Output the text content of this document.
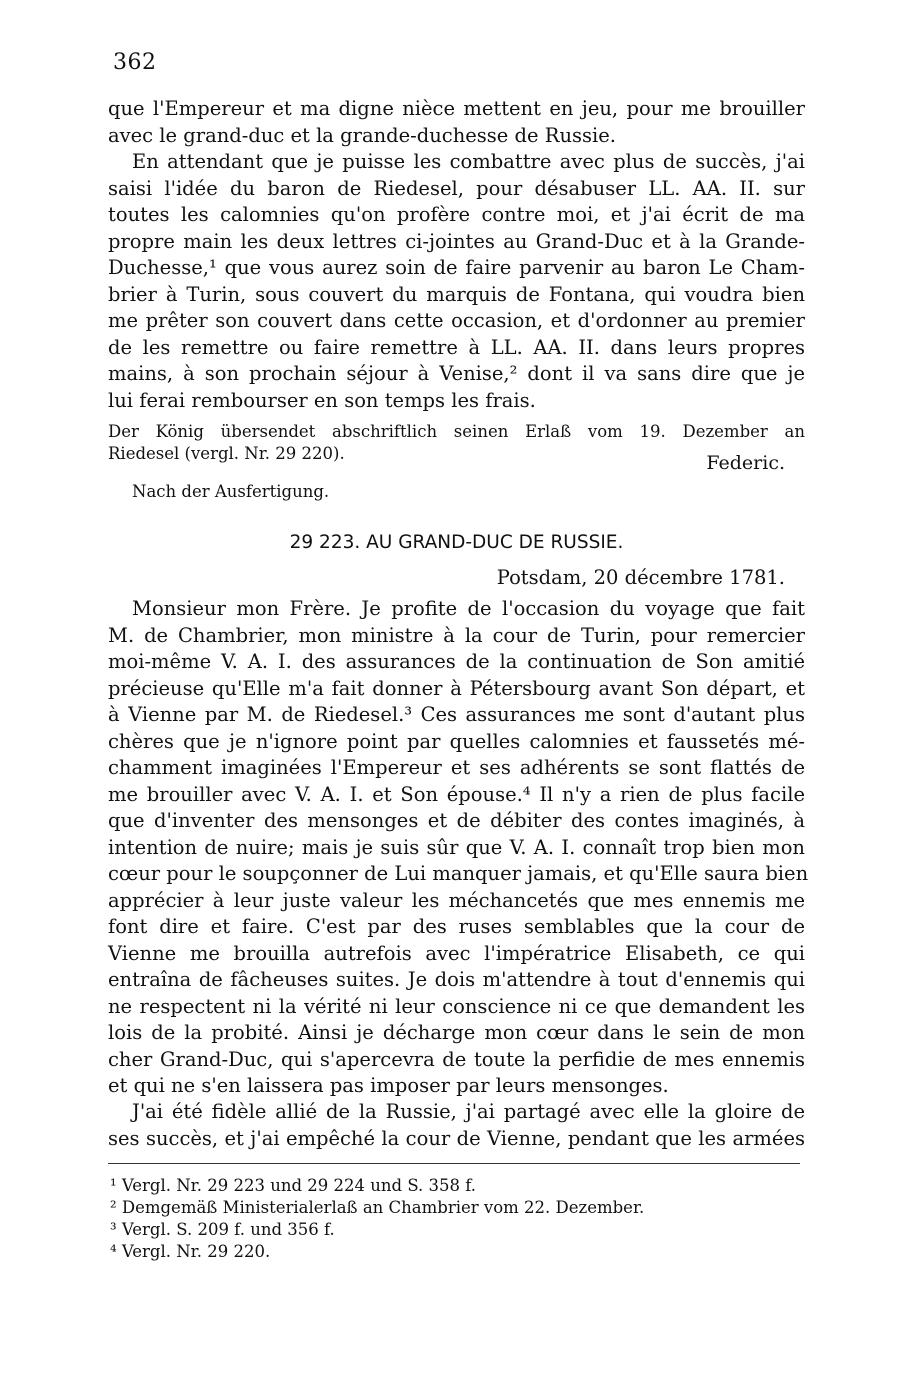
362
que l'Empereur et ma digne nièce mettent en jeu, pour me brouiller
avec le grand-duc et la grande-duchesse de Russie.
En attendant que je puisse les combattre avec plus de succès, j'ai
saisi l'idée du baron de Riedesel, pour désabuser LL. AA. II. sur
toutes les calomnies qu'on profère contre moi, et j'ai écrit de ma
propre main les deux lettres ci-jointes au Grand-Duc et à la Grande-
Duchesse,¹ que vous aurez soin de faire parvenir au baron Le Cham-
brier à Turin, sous couvert du marquis de Fontana, qui voudra bien
me prêter son couvert dans cette occasion, et d'ordonner au premier
de les remettre ou faire remettre à LL. AA. II. dans leurs propres
mains, à son prochain séjour à Venise,² dont il va sans dire que je
lui ferai rembourser en son temps les frais.
Der König übersendet abschriftlich seinen Erlaß vom 19. Dezember an
Riedesel (vergl. Nr. 29 220).	Federic.
Nach der Ausfertigung.
29 223. AU GRAND-DUC DE RUSSIE.
Potsdam, 20 décembre 1781.
Monsieur mon Frère. Je profite de l'occasion du voyage que fait
M. de Chambrier, mon ministre à la cour de Turin, pour remercier
moi-même V. A. I. des assurances de la continuation de Son amitié
précieuse qu'Elle m'a fait donner à Pétersbourg avant Son départ, et
à Vienne par M. de Riedesel.³ Ces assurances me sont d'autant plus
chères que je n'ignore point par quelles calomnies et faussetés mé-
chamment imaginées l'Empereur et ses adhérents se sont flattés de
me brouiller avec V. A. I. et Son épouse.⁴ Il n'y a rien de plus facile
que d'inventer des mensonges et de débiter des contes imaginés, à
intention de nuire; mais je suis sûr que V. A. I. connaît trop bien mon
cœur pour le soupçonner de Lui manquer jamais, et qu'Elle saura bien
apprécier à leur juste valeur les méchancetés que mes ennemis me
font dire et faire. C'est par des ruses semblables que la cour de
Vienne me brouilla autrefois avec l'impératrice Elisabeth, ce qui
entraîna de fâcheuses suites. Je dois m'attendre à tout d'ennemis qui
ne respectent ni la vérité ni leur conscience ni ce que demandent les
lois de la probité. Ainsi je décharge mon cœur dans le sein de mon
cher Grand-Duc, qui s'apercevra de toute la perfidie de mes ennemis
et qui ne s'en laissera pas imposer par leurs mensonges.
J'ai été fidèle allié de la Russie, j'ai partagé avec elle la gloire de
ses succès, et j'ai empêché la cour de Vienne, pendant que les armées
¹ Vergl. Nr. 29 223 und 29 224 und S. 358 f.
² Demgemäß Ministerialerlaß an Chambrier vom 22. Dezember.
³ Vergl. S. 209 f. und 356 f.
⁴ Vergl. Nr. 29 220.
